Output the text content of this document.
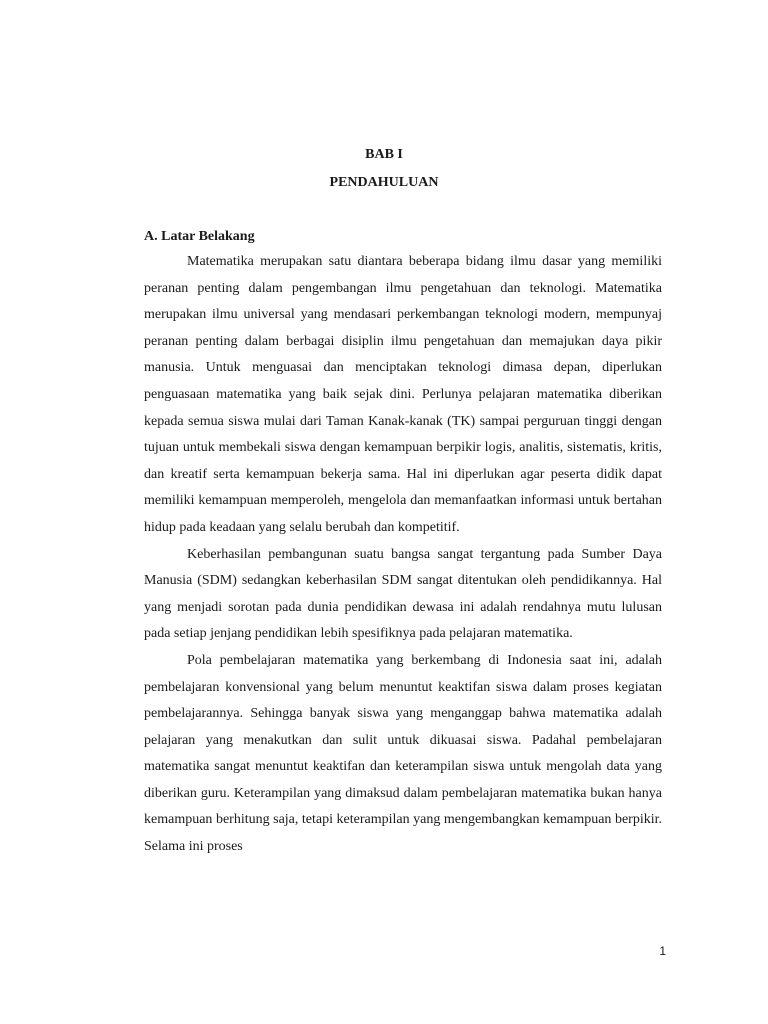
BAB I
PENDAHULUAN
A. Latar Belakang

Matematika merupakan satu diantara beberapa bidang ilmu dasar yang memiliki peranan penting dalam pengembangan ilmu pengetahuan dan teknologi. Matematika merupakan ilmu universal yang mendasari perkembangan teknologi modern, mempunyaj peranan penting dalam berbagai disiplin ilmu pengetahuan dan memajukan daya pikir manusia. Untuk menguasai dan menciptakan teknologi dimasa depan, diperlukan penguasaan matematika yang baik sejak dini. Perlunya pelajaran matematika diberikan kepada semua siswa mulai dari Taman Kanak-kanak (TK) sampai perguruan tinggi dengan tujuan untuk membekali siswa dengan kemampuan berpikir logis, analitis, sistematis, kritis, dan kreatif serta kemampuan bekerja sama. Hal ini diperlukan agar peserta didik dapat memiliki kemampuan memperoleh, mengelola dan memanfaatkan informasi untuk bertahan hidup pada keadaan yang selalu berubah dan kompetitif.

Keberhasilan pembangunan suatu bangsa sangat tergantung pada Sumber Daya Manusia (SDM) sedangkan keberhasilan SDM sangat ditentukan oleh pendidikannya. Hal yang menjadi sorotan pada dunia pendidikan dewasa ini adalah rendahnya mutu lulusan pada setiap jenjang pendidikan lebih spesifiknya pada pelajaran matematika.

Pola pembelajaran matematika yang berkembang di Indonesia saat ini, adalah pembelajaran konvensional yang belum menuntut keaktifan siswa dalam proses kegiatan pembelajarannya. Sehingga banyak siswa yang menganggap bahwa matematika adalah pelajaran yang menakutkan dan sulit untuk dikuasai siswa. Padahal pembelajaran matematika sangat menuntut keaktifan dan keterampilan siswa untuk mengolah data yang diberikan guru. Keterampilan yang dimaksud dalam pembelajaran matematika bukan hanya kemampuan berhitung saja, tetapi keterampilan yang mengembangkan kemampuan berpikir. Selama ini proses

1
